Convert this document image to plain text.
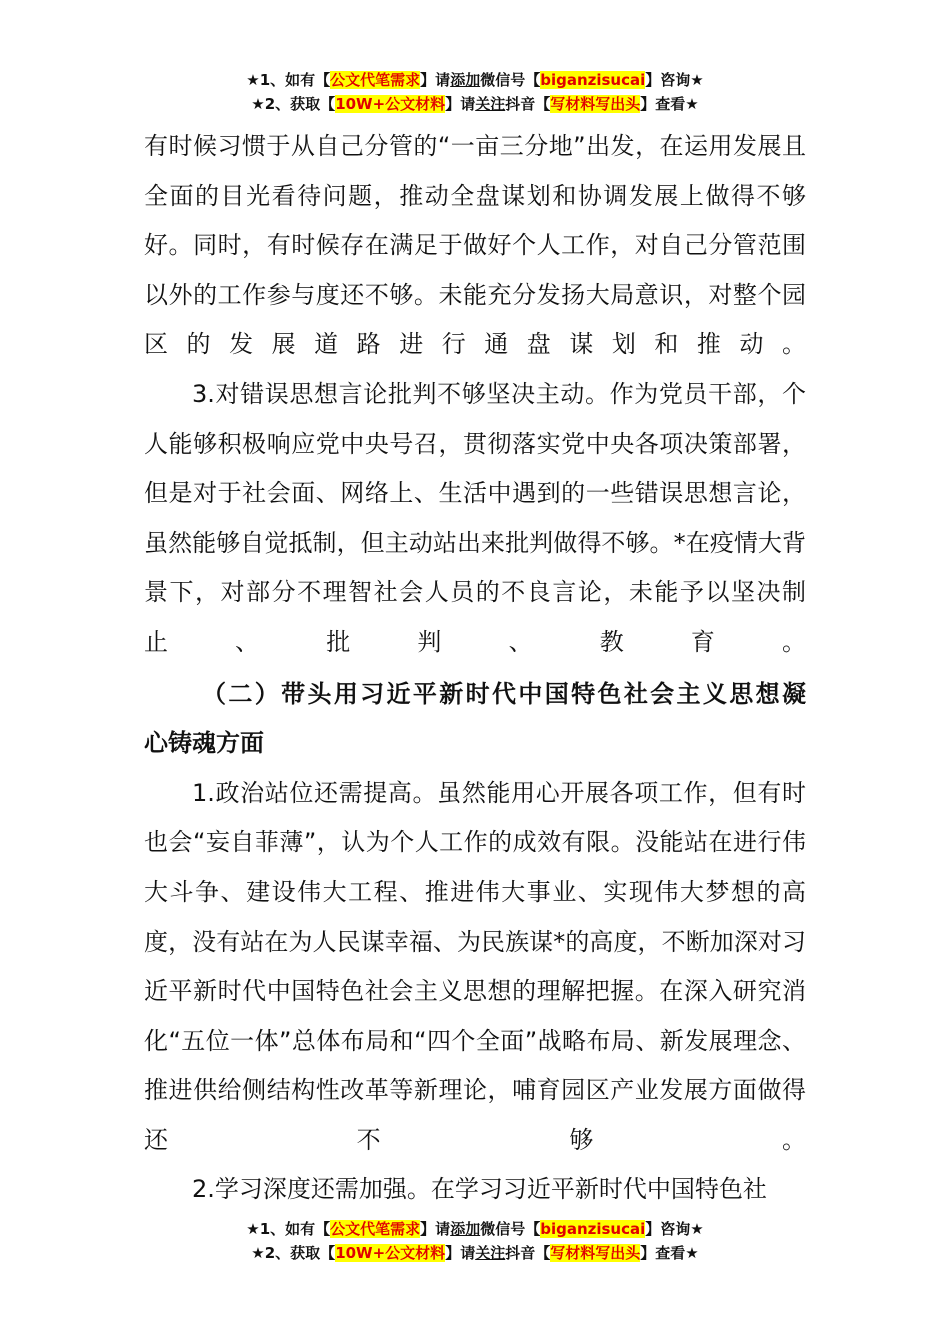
★1、如有【公文代笔需求】请添加微信号【biganzisucai】咨询★
★2、获取【10W+公文材料】请关注抖音【写材料写出头】查看★
有时候习惯于从自己分管的“一亩三分地”出发，在运用发展且全面的目光看待问题，推动全盘谋划和协调发展上做得不够好。同时，有时候存在满足于做好个人工作，对自己分管范围以外的工作参与度还不够。未能充分发扬大局意识，对整个园区的发展道路进行通盘谋划和推动。
3.对错误思想言论批判不够坚决主动。作为党员干部，个人能够积极响应党中央号召，贯彻落实党中央各项决策部署，但是对于社会面、网络上、生活中遇到的一些错误思想言论，虽然能够自觉抵制，但主动站出来批判做得不够。*在疫情大背景下，对部分不理智社会人员的不良言论，未能予以坚决制止、批判、教育。
（二）带头用习近平新时代中国特色社会主义思想凝
心铸魂方面
1.政治站位还需提高。虽然能用心开展各项工作，但有时也会“妄自菲薄”，认为个人工作的成效有限。没能站在进行伟大斗争、建设伟大工程、推进伟大事业、实现伟大梦想的高度，没有站在为人民谋幸福、为民族谋*的高度，不断加深对习近平新时代中国特色社会主义思想的理解把握。在深入研究消化“五位一体”总体布局和“四个全面”战略布局、新发展理念、推进供给侧结构性改革等新理论，哺育园区产业发展方面做得还不够。
2.学习深度还需加强。在学习习近平新时代中国特色社
★1、如有【公文代笔需求】请添加微信号【biganzisucai】咨询★
★2、获取【10W+公文材料】请关注抖音【写材料写出头】查看★
